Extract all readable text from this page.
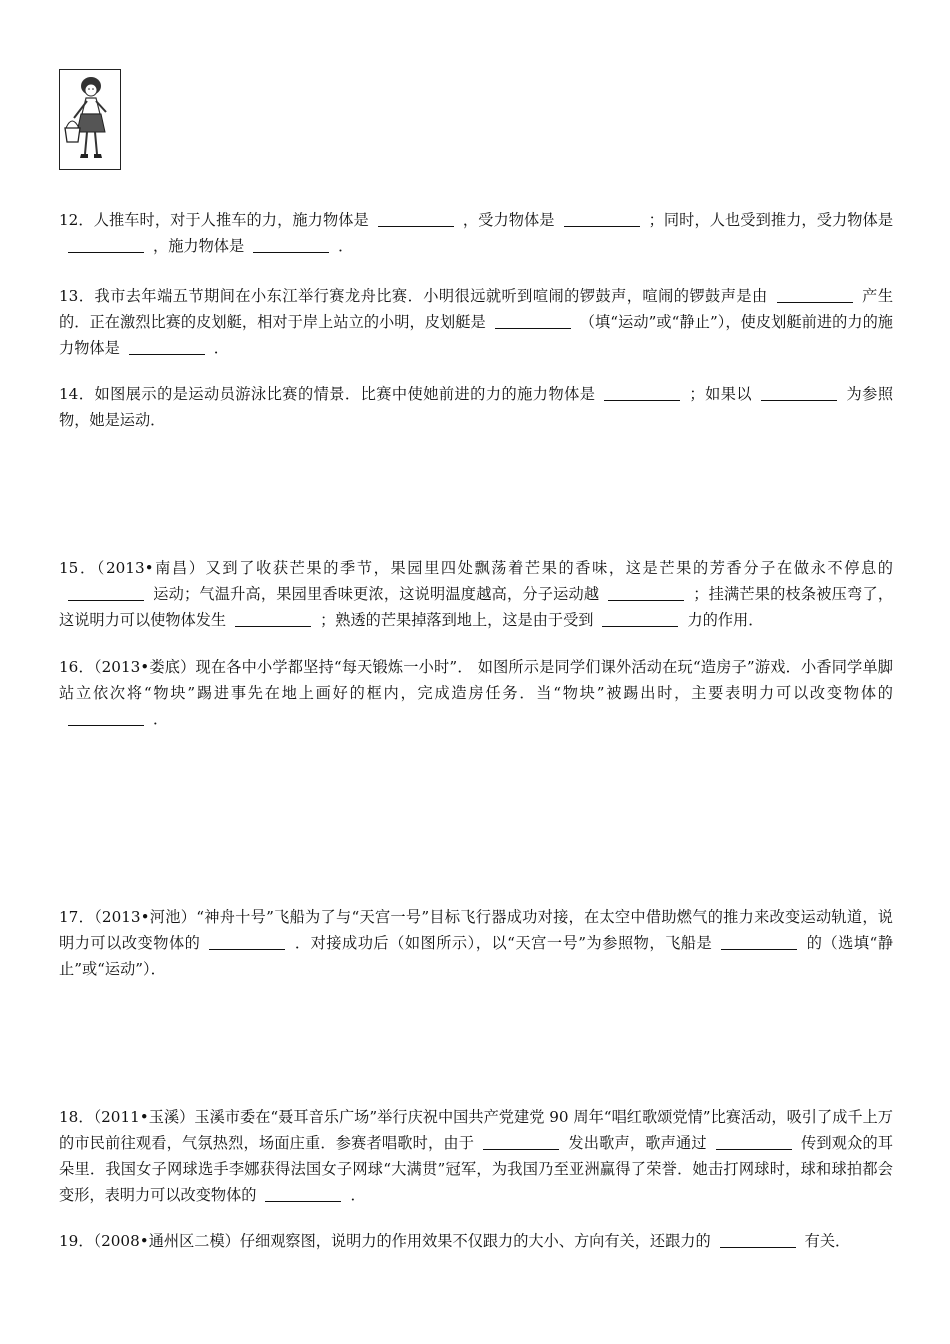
12．人推车时，对于人推车的力，施力物体是	，受力物体是	；同时，人也受到推力，受力物体是，施力物体是	．

13．我市去年端五节期间在小东江举行赛龙舟比赛．小明很远就听到喧闹的锣鼓声，喧闹的锣鼓声是由	产生的．正在激烈比赛的皮划艇，相对于岸上站立的小明，皮划艇是	（填“运动”或“静止”），使皮划艇前进的力的施力物体是	．

14．如图展示的是运动员游泳比赛的情景．比赛中使她前进的力的施力物体是	；如果以	为参照物，她是运动．

15．（2013•南昌）又到了收获芒果的季节，果园里四处飘荡着芒果的香味，这是芒果的芳香分子在做永不停息的运动；气温升高，果园里香味更浓，这说明温度越高，分子运动越	；挂满芒果的枝条被压弯了，这说明力可以使物体发生	；熟透的芒果掉落到地上，这是由于受到	力的作用．

16．（2013•娄底）现在各中小学都坚持“每天锻炼一小时”． 如图所示是同学们课外活动在玩“造房子”游戏．小香同学单脚站立依次将“物块”踢进事先在地上画好的框内，完成造房任务．当“物块”被踢出时，主要表明力可以改变物体的．

17．（2013•河池）“神舟十号”飞船为了与“天宫一号”目标飞行器成功对接，在太空中借助燃气的推力来改变运动轨道，说明力可以改变物体的	．对接成功后（如图所示），以“天宫一号”为参照物，飞船是	的（选填“静止”或“运动”）．

18．（2011•玉溪）玉溪市委在“聂耳音乐广场”举行庆祝中国共产党建党 90 周年“唱红歌颂党情”比赛活动，吸引了成千上万的市民前往观看，气氛热烈，场面庄重．参赛者唱歌时，由于	发出歌声，歌声通过	传到观众的耳朵里．我国女子网球选手李娜获得法国女子网球“大满贯”冠军，为我国乃至亚洲赢得了荣誉．她击打网球时，球和球拍都会变形，表明力可以改变物体的	．

19．（2008•通州区二模）仔细观察图，说明力的作用效果不仅跟力的大小、方向有关，还跟力的	有关．
